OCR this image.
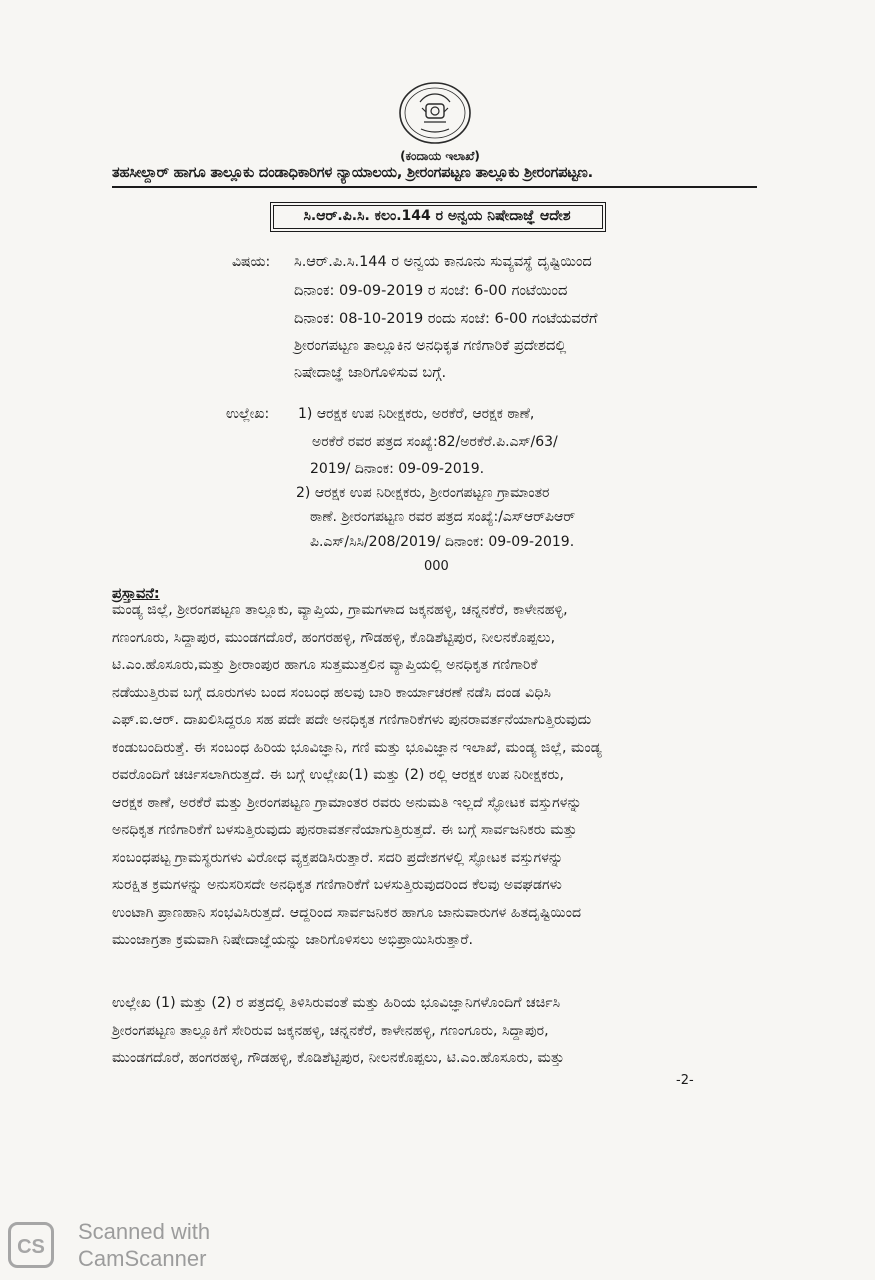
(ಕಂದಾಯ ಇಲಾಖೆ)
ತಹಸೀಲ್ದಾರ್ ಹಾಗೂ ತಾಲ್ಲೂಕು ದಂಡಾಧಿಕಾರಿಗಳ ನ್ಯಾಯಾಲಯ, ಶ್ರೀರಂಗಪಟ್ಟಣ ತಾಲ್ಲೂಕು ಶ್ರೀರಂಗಪಟ್ಟಣ.
ಸಿ.ಆರ್.ಪಿ.ಸಿ. ಕಲಂ.144 ರ ಅನ್ವಯ ನಿಷೇದಾಜ್ಞೆ ಆದೇಶ
ವಿಷಯ: ಸಿ.ಆರ್.ಪಿ.ಸಿ.144 ರ ಅನ್ವಯ ಕಾನೂನು ಸುವ್ಯವಸ್ಥೆ ದೃಷ್ಟಿಯಿಂದ
ದಿನಾಂಕ: 09-09-2019 ರ ಸಂಜೆ: 6-00 ಗಂಟೆಯಿಂದ
ದಿನಾಂಕ: 08-10-2019 ರಂದು ಸಂಜೆ: 6-00 ಗಂಟೆಯವರೆಗೆ
ಶ್ರೀರಂಗಪಟ್ಟಣ ತಾಲ್ಲೂಕಿನ ಅನಧಿಕೃತ ಗಣಿಗಾರಿಕೆ ಪ್ರದೇಶದಲ್ಲಿ
ನಿಷೇದಾಜ್ಞೆ ಜಾರಿಗೊಳಿಸುವ ಬಗ್ಗೆ.
ಉಲ್ಲೇಖ: 1) ಆರಕ್ಷಕ ಉಪ ನಿರೀಕ್ಷಕರು, ಅರಕೆರೆ, ಆರಕ್ಷಕ ಠಾಣೆ,
ಅರಕೆರೆ ರವರ ಪತ್ರದ ಸಂಖ್ಯೆ:82/ಅರಕೆರೆ.ಪಿ.ಎಸ್/63/
2019/ ದಿನಾಂಕ: 09-09-2019.
2) ಆರಕ್ಷಕ ಉಪ ನಿರೀಕ್ಷಕರು, ಶ್ರೀರಂಗಪಟ್ಟಣ ಗ್ರಾಮಾಂತರ
ಠಾಣೆ. ಶ್ರೀರಂಗಪಟ್ಟಣ ರವರ ಪತ್ರದ ಸಂಖ್ಯೆ:/ಎಸ್‌ಆರ್‌ಪಿಆರ್
ಪಿ.ಎಸ್/ಸಿಸಿ/208/2019/ ದಿನಾಂಕ: 09-09-2019.
000
ಪ್ರಸ್ತಾವನೆ:
ಮಂಡ್ಯ ಜಿಲ್ಲೆ, ಶ್ರೀರಂಗಪಟ್ಟಣ ತಾಲ್ಲೂಕು, ವ್ಯಾಪ್ತಿಯ, ಗ್ರಾಮಗಳಾದ ಜಕ್ಕನಹಳ್ಳಿ, ಚನ್ನನಕೆರೆ, ಕಾಳೇನಹಳ್ಳಿ,
ಗಣಂಗೂರು, ಸಿದ್ದಾಪುರ, ಮುಂಡಗದೊರೆ, ಹಂಗರಹಳ್ಳಿ, ಗೌಡಹಳ್ಳಿ, ಕೊಡಿಶೆಟ್ಟಿಪುರ, ನೀಲನಕೊಪ್ಪಲು,
ಟಿ.ಎಂ.ಹೊಸೂರು,ಮತ್ತು ಶ್ರೀರಾಂಪುರ ಹಾಗೂ ಸುತ್ತಮುತ್ತಲಿನ ವ್ಯಾಪ್ತಿಯಲ್ಲಿ ಅನಧಿಕೃತ ಗಣಿಗಾರಿಕೆ
ನಡೆಯುತ್ತಿರುವ ಬಗ್ಗೆ ದೂರುಗಳು ಬಂದ ಸಂಬಂಧ ಹಲವು ಬಾರಿ ಕಾರ್ಯಾಚರಣೆ ನಡೆಸಿ ದಂಡ ವಿಧಿಸಿ
ಎಫ್.ಐ.ಆರ್. ದಾಖಲಿಸಿದ್ದರೂ ಸಹ ಪದೇ ಪದೇ ಅನಧಿಕೃತ ಗಣಿಗಾರಿಕೆಗಳು ಪುನರಾವರ್ತನೆಯಾಗುತ್ತಿರುವುದು
ಕಂಡುಬಂದಿರುತ್ತೆ. ಈ ಸಂಬಂಧ ಹಿರಿಯ ಭೂವಿಜ್ಞಾನಿ, ಗಣಿ ಮತ್ತು ಭೂವಿಜ್ಞಾನ ಇಲಾಖೆ, ಮಂಡ್ಯ ಜಿಲ್ಲೆ, ಮಂಡ್ಯ
ರವರೊಂದಿಗೆ ಚರ್ಚಿಸಲಾಗಿರುತ್ತದೆ. ಈ ಬಗ್ಗೆ ಉಲ್ಲೇಖ(1) ಮತ್ತು (2) ರಲ್ಲಿ ಆರಕ್ಷಕ ಉಪ ನಿರೀಕ್ಷಕರು,
ಆರಕ್ಷಕ ಠಾಣೆ, ಅರಕೆರೆ ಮತ್ತು ಶ್ರೀರಂಗಪಟ್ಟಣ ಗ್ರಾಮಾಂತರ ರವರು ಅನುಮತಿ ಇಲ್ಲದೆ ಸ್ಫೋಟಕ ವಸ್ತುಗಳನ್ನು
ಅನಧಿಕೃತ ಗಣಿಗಾರಿಕೆಗೆ ಬಳಸುತ್ತಿರುವುದು ಪುನರಾವರ್ತನೆಯಾಗುತ್ತಿರುತ್ತದೆ. ಈ ಬಗ್ಗೆ ಸಾರ್ವಜನಿಕರು ಮತ್ತು
ಸಂಬಂಧಪಟ್ಟ ಗ್ರಾಮಸ್ಥರುಗಳು ವಿರೋಧ ವ್ಯಕ್ತಪಡಿಸಿರುತ್ತಾರೆ. ಸದರಿ ಪ್ರದೇಶಗಳಲ್ಲಿ ಸ್ಫೋಟಕ ವಸ್ತುಗಳನ್ನು
ಸುರಕ್ಷಿತ ಕ್ರಮಗಳನ್ನು ಅನುಸರಿಸದೇ ಅನಧಿಕೃತ ಗಣಿಗಾರಿಕೆಗೆ ಬಳಸುತ್ತಿರುವುದರಿಂದ ಕೆಲವು ಅವಘಡಗಳು
ಉಂಟಾಗಿ ಪ್ರಾಣಹಾನಿ ಸಂಭವಿಸಿರುತ್ತದೆ. ಆದ್ದರಿಂದ ಸಾರ್ವಜನಿಕರ ಹಾಗೂ ಜಾನುವಾರುಗಳ ಹಿತದೃಷ್ಟಿಯಿಂದ
ಮುಂಜಾಗ್ರತಾ ಕ್ರಮವಾಗಿ ನಿಷೇದಾಜ್ಞೆಯನ್ನು ಜಾರಿಗೊಳಿಸಲು ಅಭಿಪ್ರಾಯಿಸಿರುತ್ತಾರೆ.
ಉಲ್ಲೇಖ (1) ಮತ್ತು (2) ರ ಪತ್ರದಲ್ಲಿ ತಿಳಿಸಿರುವಂತೆ ಮತ್ತು ಹಿರಿಯ ಭೂವಿಜ್ಞಾನಿಗಳೊಂದಿಗೆ ಚರ್ಚಿಸಿ
ಶ್ರೀರಂಗಪಟ್ಟಣ ತಾಲ್ಲೂಕಿಗೆ ಸೇರಿರುವ ಜಕ್ಕನಹಳ್ಳಿ, ಚನ್ನನಕೆರೆ, ಕಾಳೇನಹಳ್ಳಿ, ಗಣಂಗೂರು, ಸಿದ್ದಾಪುರ,
ಮುಂಡಗದೊರೆ, ಹಂಗರಹಳ್ಳಿ, ಗೌಡಹಳ್ಳಿ, ಕೊಡಿಶೆಟ್ಟಿಪುರ, ನೀಲನಕೊಪ್ಪಲು, ಟಿ.ಎಂ.ಹೊಸೂರು, ಮತ್ತು
-2-
CS
Scanned with
CamScanner
